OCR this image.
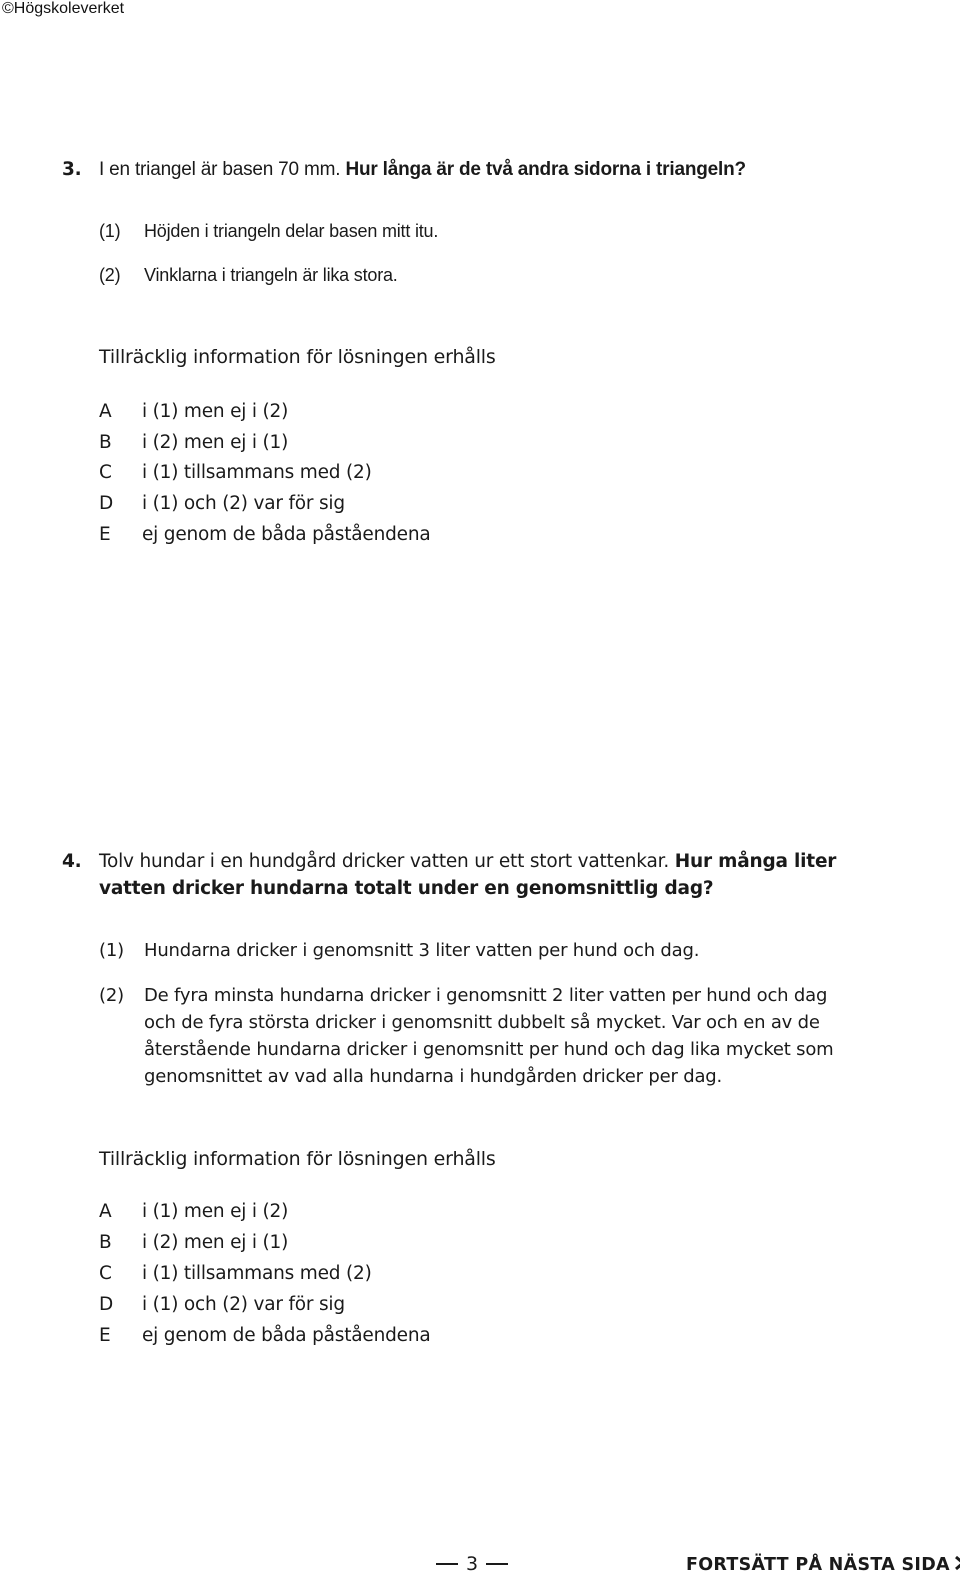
©Högskoleverket
3. I en triangel är basen 70 mm. Hur långa är de två andra sidorna i triangeln?
(1) Höjden i triangeln delar basen mitt itu.
(2) Vinklarna i triangeln är lika stora.
Tillräcklig information för lösningen erhålls
A i (1) men ej i (2)
B i (2) men ej i (1)
C i (1) tillsammans med (2)
D i (1) och (2) var för sig
E ej genom de båda påståendena
4. Tolv hundar i en hundgård dricker vatten ur ett stort vattenkar. Hur många liter
vatten dricker hundarna totalt under en genomsnittlig dag?
(1) Hundarna dricker i genomsnitt 3 liter vatten per hund och dag.
(2) De fyra minsta hundarna dricker i genomsnitt 2 liter vatten per hund och dag
och de fyra största dricker i genomsnitt dubbelt så mycket. Var och en av de
återstående hundarna dricker i genomsnitt per hund och dag lika mycket som
genomsnittet av vad alla hundarna i hundgården dricker per dag.
Tillräcklig information för lösningen erhålls
A i (1) men ej i (2)
B i (2) men ej i (1)
C i (1) tillsammans med (2)
D i (1) och (2) var för sig
E ej genom de båda påståendena
3	FORTSÄTT PÅ NÄSTA SIDA
